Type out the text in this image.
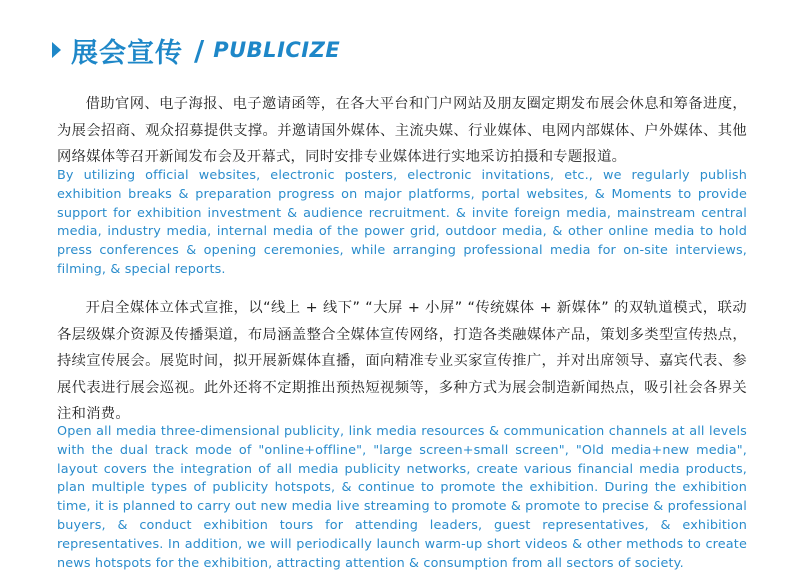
展会宣传 / PUBLICIZE

借助官网、电子海报、电子邀请函等，在各大平台和门户网站及朋友圈定期发布展会休息和筹备进度，为展会招商、观众招募提供支撑。并邀请国外媒体、主流央媒、行业媒体、电网内部媒体、户外媒体、其他网络媒体等召开新闻发布会及开幕式，同时安排专业媒体进行实地采访拍摄和专题报道。

By utilizing official websites, electronic posters, electronic invitations, etc., we regularly publish exhibition breaks & preparation progress on major platforms, portal websites, & Moments to provide support for exhibition investment & audience recruitment. & invite foreign media, mainstream central media, industry media, internal media of the power grid, outdoor media, & other online media to hold press conferences & opening ceremonies, while arranging professional media for on-site interviews, filming, & special reports.

开启全媒体立体式宣推，以“线上 + 线下” “大屏 + 小屏” “传统媒体 + 新媒体” 的双轨道模式，联动各层级媒介资源及传播渠道，布局涵盖整合全媒体宣传网络，打造各类融媒体产品，策划多类型宣传热点，持续宣传展会。展览时间，拟开展新媒体直播，面向精准专业买家宣传推广，并对出席领导、嘉宾代表、参展代表进行展会巡视。此外还将不定期推出预热短视频等，多种方式为展会制造新闻热点，吸引社会各界关注和消费。

Open all media three-dimensional publicity, link media resources & communication channels at all levels with the dual track mode of "online+offline", "large screen+small screen", "Old media+new media", layout covers the integration of all media publicity networks, create various financial media products, plan multiple types of publicity hotspots, & continue to promote the exhibition. During the exhibition time, it is planned to carry out new media live streaming to promote & promote to precise & professional buyers, & conduct exhibition tours for attending leaders, guest representatives, & exhibition representatives. In addition, we will periodically launch warm-up short videos & other methods to create news hotspots for the exhibition, attracting attention & consumption from all sectors of society.
